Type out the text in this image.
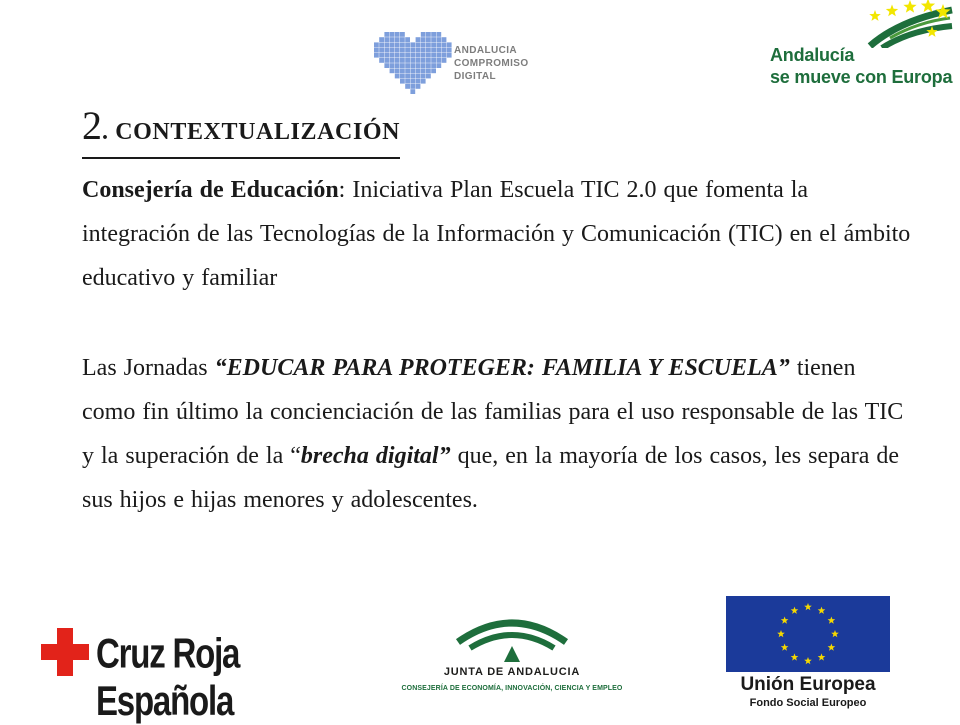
ANDALUCIA
COMPROMISO
DIGITAL
Andalucía
se mueve con Europa
2. CONTEXTUALIZACIÓN
Consejería de Educación: Iniciativa Plan Escuela TIC 2.0 que fomenta la integración de las Tecnologías de la Información y Comunicación (TIC) en el ámbito educativo y familiar
Las Jornadas “EDUCAR PARA PROTEGER: FAMILIA Y ESCUELA” tienen como fin último la concienciación de las familias para el uso responsable de las TIC y la superación de la “brecha digital” que, en la mayoría de los casos, les separa de sus hijos e hijas menores y adolescentes.
Cruz Roja Española
JUNTA DE ANDALUCIA
CONSEJERÍA DE ECONOMÍA, INNOVACIÓN, CIENCIA Y EMPLEO	Unión Europea
Fondo Social Europeo
